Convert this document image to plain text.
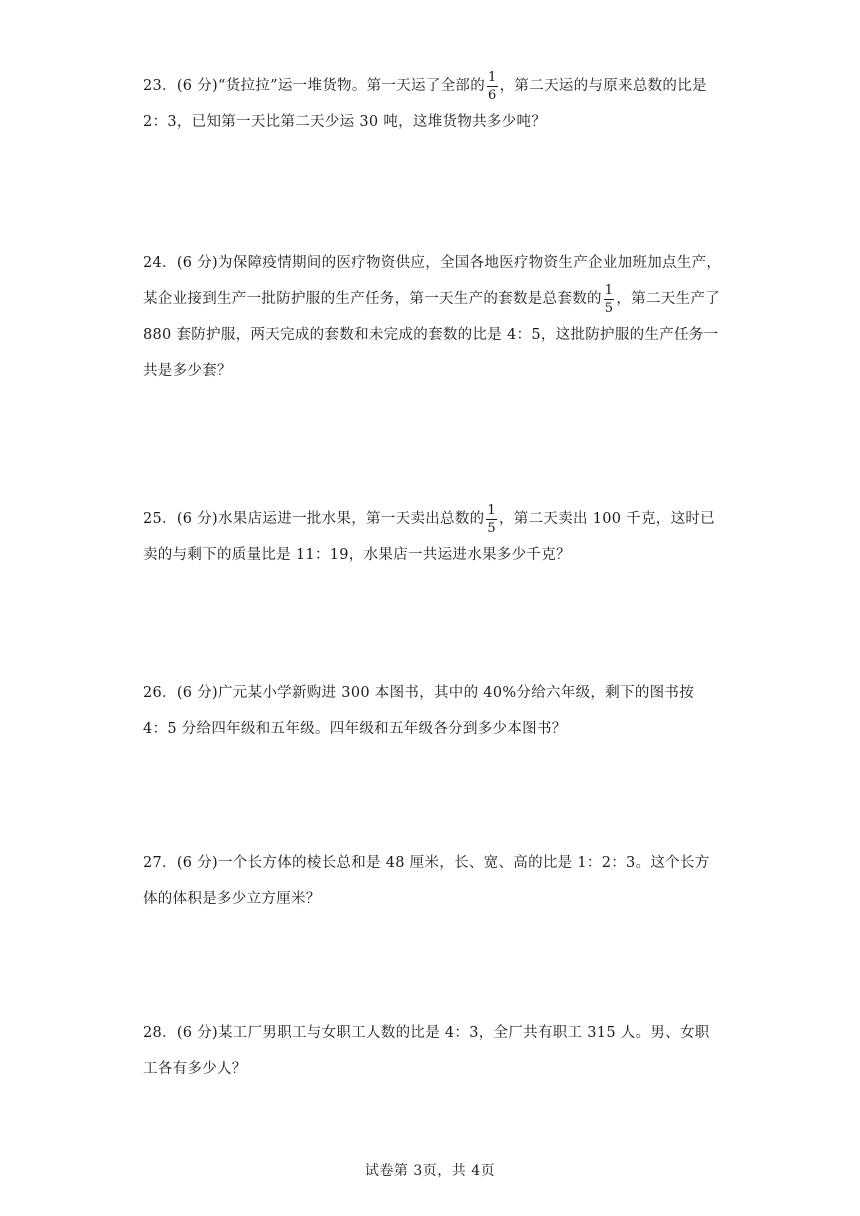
23．(6 分)“货拉拉”运一堆货物。第一天运了全部的 $\frac{1}{6}$ ，第二天运的与原来总数的比是 2：3，已知第一天比第二天少运 30 吨，这堆货物共多少吨？

24．(6 分)为保障疫情期间的医疗物资供应，全国各地医疗物资生产企业加班加点生产，某企业接到生产一批防护服的生产任务，第一天生产的套数是总套数的 $\frac{1}{5}$ ，第二天生产了 880 套防护服，两天完成的套数和未完成的套数的比是 4：5，这批防护服的生产任务一共是多少套？

25．(6 分)水果店运进一批水果，第一天卖出总数的 $\frac{1}{5}$ ，第二天卖出 100 千克，这时已卖的与剩下的质量比是 11：19，水果店一共运进水果多少千克？

26．(6 分)广元某小学新购进 300 本图书，其中的 40%分给六年级，剩下的图书按 4：5 分给四年级和五年级。四年级和五年级各分到多少本图书？

27．(6 分)一个长方体的棱长总和是 48 厘米，长、宽、高的比是 1：2：3。这个长方体的体积是多少立方厘米？

28．(6 分)某工厂男职工与女职工人数的比是 4：3，全厂共有职工 315 人。男、女职工各有多少人？

试卷第 3页，共 4页
